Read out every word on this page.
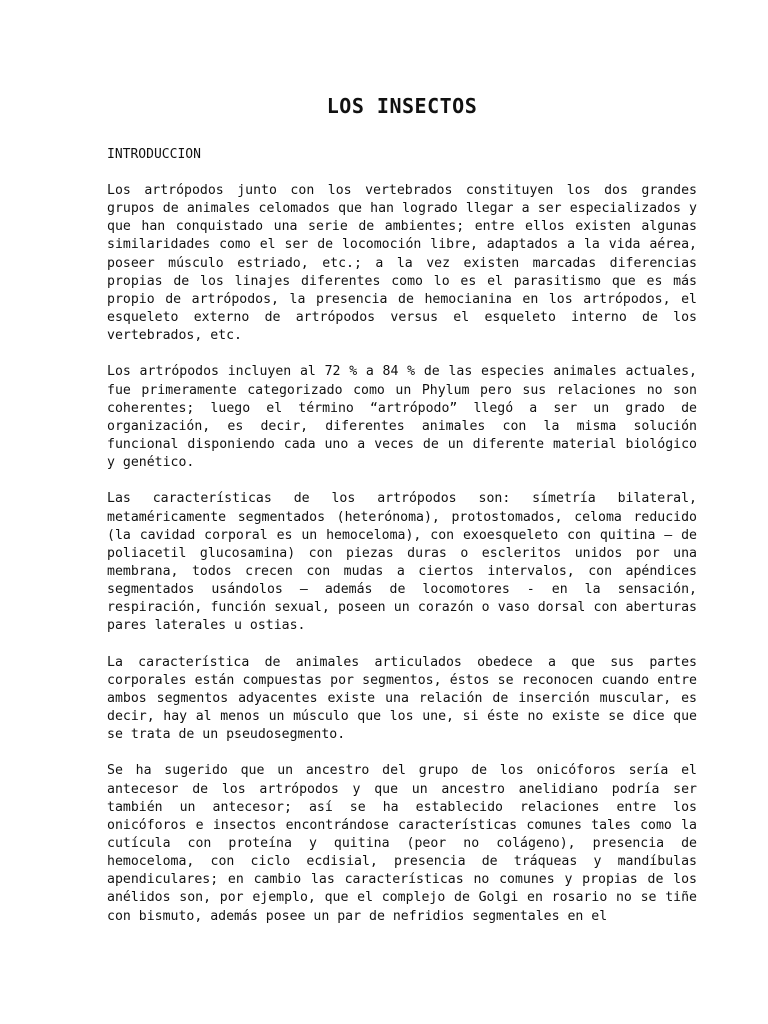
LOS INSECTOS
INTRODUCCION

Los artrópodos junto con los vertebrados constituyen los dos grandes grupos de animales celomados que han logrado llegar a ser especializados y que han conquistado una serie de ambientes; entre ellos existen algunas similaridades como el ser de locomoción libre, adaptados a la vida aérea, poseer músculo estriado, etc.; a la vez existen marcadas diferencias propias de los linajes diferentes como lo es el parasitismo que es más propio de artrópodos, la presencia de hemocianina en los artrópodos, el esqueleto externo de artrópodos versus el esqueleto interno de los vertebrados, etc.

Los artrópodos incluyen al 72 % a 84 % de las especies animales actuales, fue primeramente categorizado como un Phylum pero sus relaciones no son coherentes; luego el término “artrópodo” llegó a ser un grado de organización, es decir, diferentes animales con la misma solución funcional disponiendo cada uno a veces de un diferente material biológico y genético.

Las características de los artrópodos son: símetría bilateral, metaméricamente segmentados (heterónoma), protostomados, celoma reducido (la cavidad corporal es un hemoceloma), con exoesqueleto con quitina – de poliacetil glucosamina) con piezas duras o escleritos unidos por una membrana, todos crecen con mudas a ciertos intervalos, con apéndices segmentados usándolos – además de locomotores - en la sensación, respiración, función sexual, poseen un corazón o vaso dorsal con aberturas pares laterales u ostias.

La característica de animales articulados obedece a que sus partes corporales están compuestas por segmentos, éstos se reconocen cuando entre ambos segmentos adyacentes existe una relación de inserción muscular, es decir, hay al menos un músculo que los une, si éste no existe se dice que se trata de un pseudosegmento.

Se ha sugerido que un ancestro del grupo de los onicóforos sería el antecesor de los artrópodos y que un ancestro anelidiano podría ser también un antecesor; así se ha establecido relaciones entre los onicóforos e insectos encontrándose características comunes tales como la cutícula con proteína y quitina (peor no colágeno), presencia de hemoceloma, con ciclo ecdisial, presencia de tráqueas y mandíbulas apendiculares; en cambio las características no comunes y propias de los anélidos son, por ejemplo, que el complejo de Golgi en rosario no se tiñe con bismuto, además posee un par de nefridios segmentales en el
